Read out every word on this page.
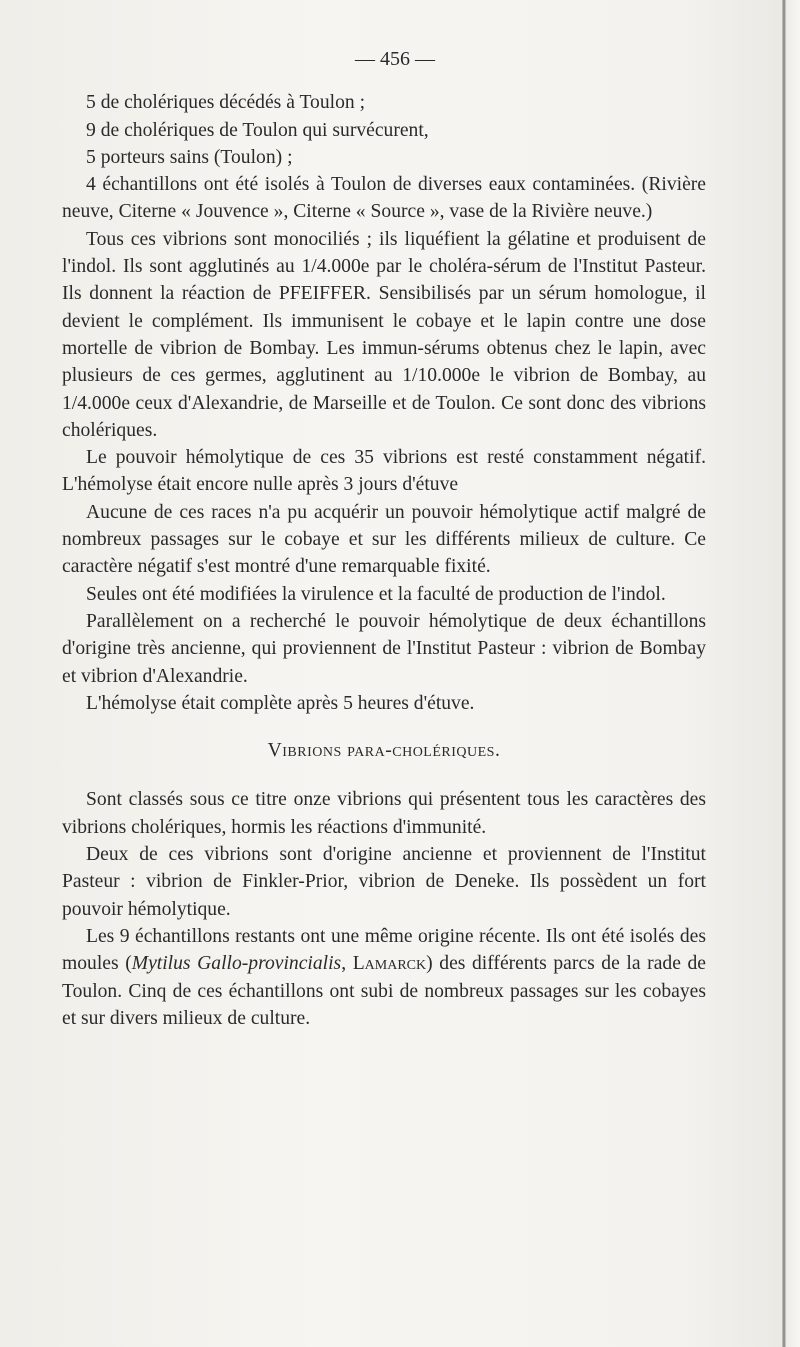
— 456 —

5 de cholériques décédés à Toulon ;

9 de cholériques de Toulon qui survécurent,

5 porteurs sains (Toulon) ;

4 échantillons ont été isolés à Toulon de diverses eaux contaminées. (Rivière neuve, Citerne « Jouvence », Citerne « Source », vase de la Rivière neuve.)

Tous ces vibrions sont monociliés ; ils liquéfient la gélatine et produisent de l'indol. Ils sont agglutinés au 1/4.000e par le choléra-sérum de l'Institut Pasteur. Ils donnent la réaction de PFEIFFER. Sensibilisés par un sérum homologue, il devient le complément. Ils immunisent le cobaye et le lapin contre une dose mortelle de vibrion de Bombay. Les immun-sérums obtenus chez le lapin, avec plusieurs de ces germes, agglutinent au 1/10.000e le vibrion de Bombay, au 1/4.000e ceux d'Alexandrie, de Marseille et de Toulon. Ce sont donc des vibrions cholériques.

Le pouvoir hémolytique de ces 35 vibrions est resté constamment négatif. L'hémolyse était encore nulle après 3 jours d'étuve

Aucune de ces races n'a pu acquérir un pouvoir hémolytique actif malgré de nombreux passages sur le cobaye et sur les différents milieux de culture. Ce caractère négatif s'est montré d'une remarquable fixité.

Seules ont été modifiées la virulence et la faculté de production de l'indol.

Parallèlement on a recherché le pouvoir hémolytique de deux échantillons d'origine très ancienne, qui proviennent de l'Institut Pasteur : vibrion de Bombay et vibrion d'Alexandrie.

L'hémolyse était complète après 5 heures d'étuve.

Vibrions para-cholériques.

Sont classés sous ce titre onze vibrions qui présentent tous les caractères des vibrions cholériques, hormis les réactions d'immunité.

Deux de ces vibrions sont d'origine ancienne et proviennent de l'Institut Pasteur : vibrion de Finkler-Prior, vibrion de Deneke. Ils possèdent un fort pouvoir hémolytique.

Les 9 échantillons restants ont une même origine récente. Ils ont été isolés des moules (Mytilus Gallo-provincialis, Lamarck) des différents parcs de la rade de Toulon. Cinq de ces échantillons ont subi de nombreux passages sur les cobayes et sur divers milieux de culture.
